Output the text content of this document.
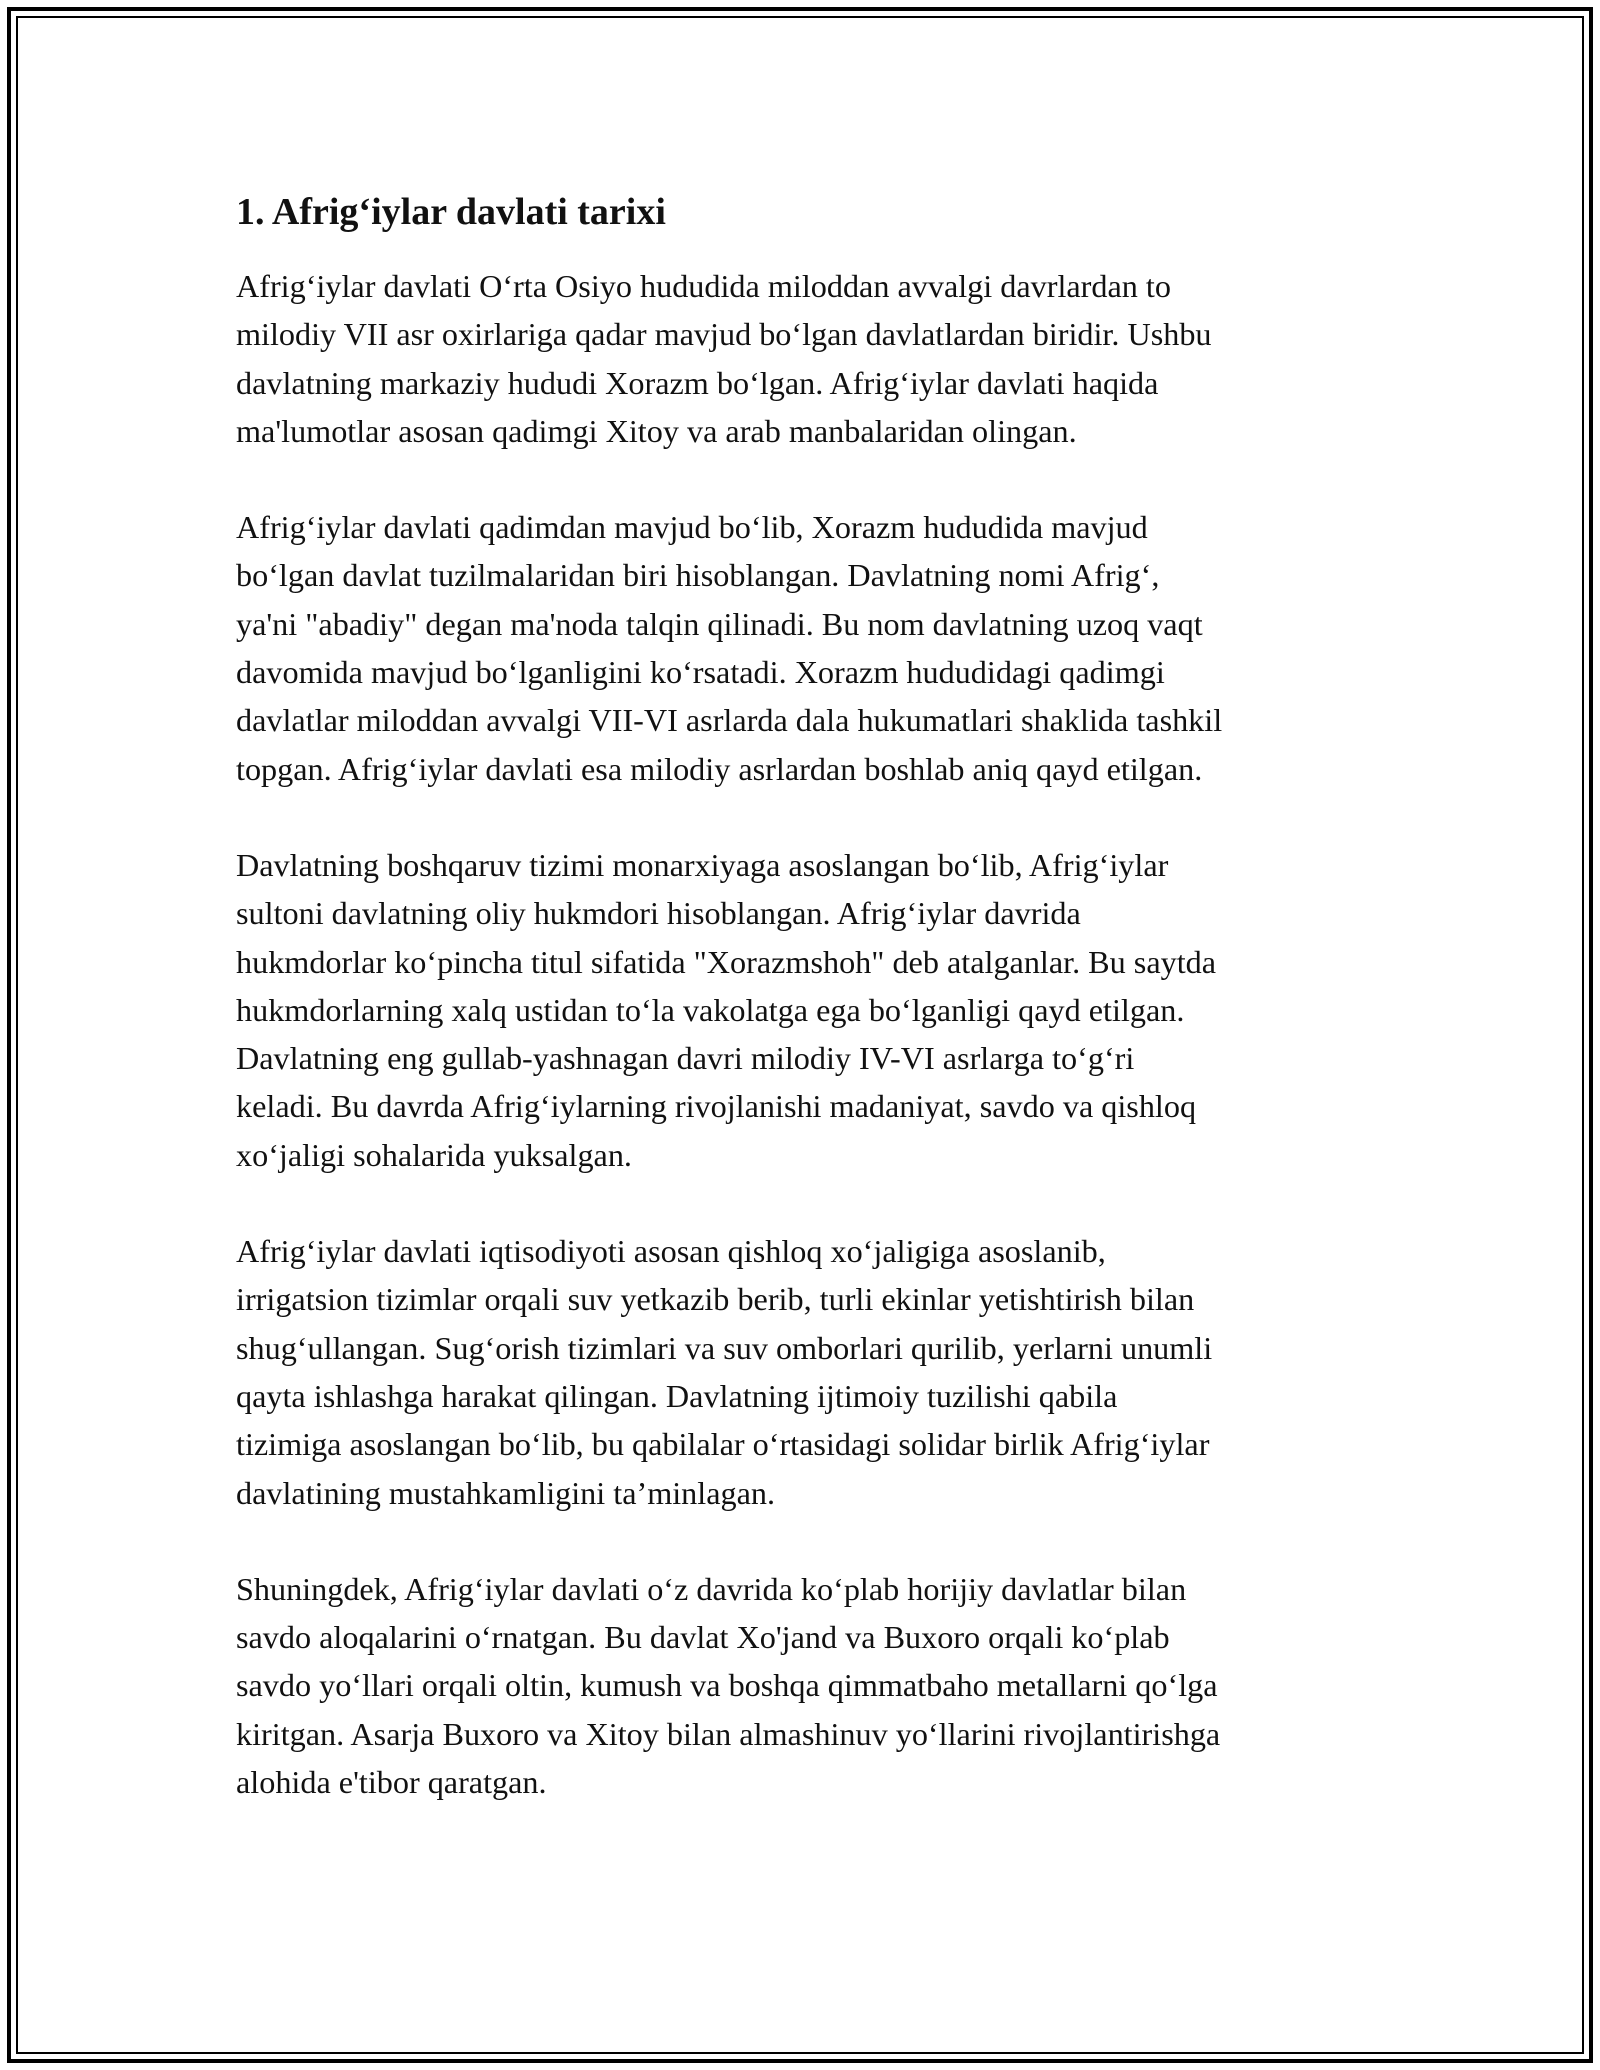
1. Afrig‘iylar davlati tarixi

Afrig‘iylar davlati O‘rta Osiyo hududida miloddan avvalgi davrlardan to
milodiy VII asr oxirlariga qadar mavjud bo‘lgan davlatlardan biridir. Ushbu
davlatning markaziy hududi Xorazm bo‘lgan. Afrig‘iylar davlati haqida
ma'lumotlar asosan qadimgi Xitoy va arab manbalaridan olingan.

Afrig‘iylar davlati qadimdan mavjud bo‘lib, Xorazm hududida mavjud
bo‘lgan davlat tuzilmalaridan biri hisoblangan. Davlatning nomi Afrig‘,
ya'ni "abadiy" degan ma'noda talqin qilinadi. Bu nom davlatning uzoq vaqt
davomida mavjud bo‘lganligini ko‘rsatadi. Xorazm hududidagi qadimgi
davlatlar miloddan avvalgi VII-VI asrlarda dala hukumatlari shaklida tashkil
topgan. Afrig‘iylar davlati esa milodiy asrlardan boshlab aniq qayd etilgan.

Davlatning boshqaruv tizimi monarxiyaga asoslangan bo‘lib, Afrig‘iylar
sultoni davlatning oliy hukmdori hisoblangan. Afrig‘iylar davrida
hukmdorlar ko‘pincha titul sifatida "Xorazmshoh" deb atalganlar. Bu saytda
hukmdorlarning xalq ustidan to‘la vakolatga ega bo‘lganligi qayd etilgan.
Davlatning eng gullab-yashnagan davri milodiy IV-VI asrlarga to‘g‘ri
keladi. Bu davrda Afrig‘iylarning rivojlanishi madaniyat, savdo va qishloq
xo‘jaligi sohalarida yuksalgan.

Afrig‘iylar davlati iqtisodiyoti asosan qishloq xo‘jaligiga asoslanib,
irrigatsion tizimlar orqali suv yetkazib berib, turli ekinlar yetishtirish bilan
shug‘ullangan. Sug‘orish tizimlari va suv omborlari qurilib, yerlarni unumli
qayta ishlashga harakat qilingan. Davlatning ijtimoiy tuzilishi qabila
tizimiga asoslangan bo‘lib, bu qabilalar o‘rtasidagi solidar birlik Afrig‘iylar
davlatining mustahkamligini ta’minlagan.

Shuningdek, Afrig‘iylar davlati o‘z davrida ko‘plab horijiy davlatlar bilan
savdo aloqalarini o‘rnatgan. Bu davlat Xo'jand va Buxoro orqali ko‘plab
savdo yo‘llari orqali oltin, kumush va boshqa qimmatbaho metallarni qo‘lga
kiritgan. Asarja Buxoro va Xitoy bilan almashinuv yo‘llarini rivojlantirishga
alohida e'tibor qaratgan.
